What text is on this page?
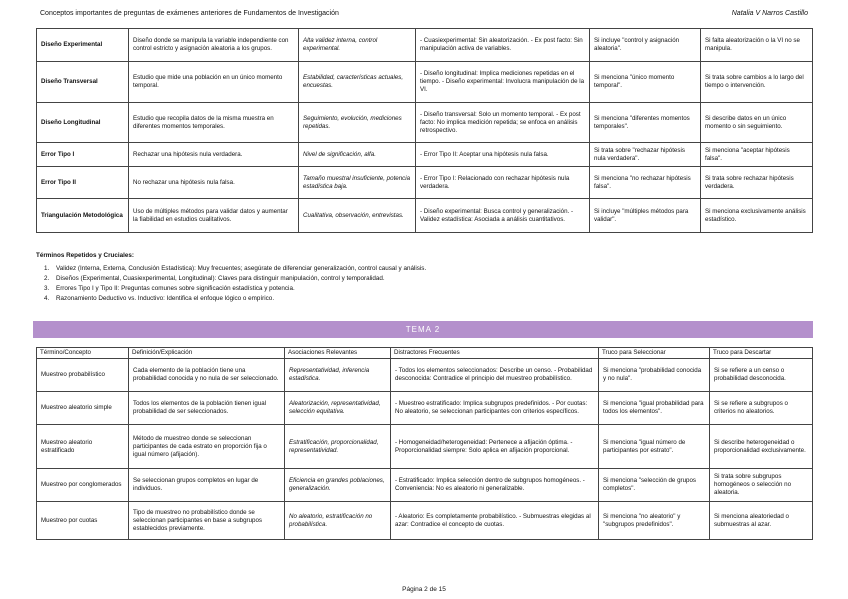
Conceptos importantes de preguntas de exámenes anteriores de Fundamentos de Investigación	Natalia V Narros Castillo
Diseño Experimental	Diseño donde se manipula la variable independiente con control estricto y asignación aleatoria a los grupos.	Alta validez interna, control experimental.	- Cuasiexperimental: Sin aleatorización. - Ex post facto: Sin manipulación activa de variables.	Si incluye "control y asignación aleatoria".	Si falta aleatorización o la VI no se manipula.
Diseño Transversal	Estudio que mide una población en un único momento temporal.	Estabilidad, características actuales, encuestas.	- Diseño longitudinal: Implica mediciones repetidas en el tiempo. - Diseño experimental: Involucra manipulación de la VI.	Si menciona "único momento temporal".	Si trata sobre cambios a lo largo del tiempo o intervención.
Diseño Longitudinal	Estudio que recopila datos de la misma muestra en diferentes momentos temporales.	Seguimiento, evolución, mediciones repetidas.	- Diseño transversal: Solo un momento temporal. - Ex post facto: No implica medición repetida; se enfoca en análisis retrospectivo.	Si menciona "diferentes momentos temporales".	Si describe datos en un único momento o sin seguimiento.
Error Tipo I	Rechazar una hipótesis nula verdadera.	Nivel de significación, alfa.	- Error Tipo II: Aceptar una hipótesis nula falsa.	Si trata sobre "rechazar hipótesis nula verdadera".	Si menciona "aceptar hipótesis falsa".
Error Tipo II	No rechazar una hipótesis nula falsa.	Tamaño muestral insuficiente, potencia estadística baja.	- Error Tipo I: Relacionado con rechazar hipótesis nula verdadera.	Si menciona "no rechazar hipótesis falsa".	Si trata sobre rechazar hipótesis verdadera.
Triangulación Metodológica	Uso de múltiples métodos para validar datos y aumentar la fiabilidad en estudios cualitativos.	Cualitativa, observación, entrevistas.	- Diseño experimental: Busca control y generalización. - Validez estadística: Asociada a análisis cuantitativos.	Si incluye "múltiples métodos para validar".	Si menciona exclusivamente análisis estadístico.
Términos Repetidos y Cruciales:
1. Validez (Interna, Externa, Conclusión Estadística): Muy frecuentes; asegúrate de diferenciar generalización, control causal y análisis.
2. Diseños (Experimental, Cuasiexperimental, Longitudinal): Claves para distinguir manipulación, control y temporalidad.
3. Errores Tipo I y Tipo II: Preguntas comunes sobre significación estadística y potencia.
4. Razonamiento Deductivo vs. Inductivo: Identifica el enfoque lógico o empírico.
TEMA 2
Término/Concepto	Definición/Explicación	Asociaciones Relevantes	Distractores Frecuentes	Truco para Seleccionar	Truco para Descartar
Muestreo probabilístico	Cada elemento de la población tiene una probabilidad conocida y no nula de ser seleccionado.	Representatividad, inferencia estadística.	- Todos los elementos seleccionados: Describe un censo. - Probabilidad desconocida: Contradice el principio del muestreo probabilístico.	Si menciona "probabilidad conocida y no nula".	Si se refiere a un censo o probabilidad desconocida.
Muestreo aleatorio simple	Todos los elementos de la población tienen igual probabilidad de ser seleccionados.	Aleatorización, representatividad, selección equitativa.	- Muestreo estratificado: Implica subgrupos predefinidos. - Por cuotas: No aleatorio, se seleccionan participantes con criterios específicos.	Si menciona "igual probabilidad para todos los elementos".	Si se refiere a subgrupos o criterios no aleatorios.
Muestreo aleatorio estratificado	Método de muestreo donde se seleccionan participantes de cada estrato en proporción fija o igual número (afijación).	Estratificación, proporcionalidad, representatividad.	- Homogeneidad/heterogeneidad: Pertenece a afijación óptima. - Proporcionalidad siempre: Solo aplica en afijación proporcional.	Si menciona "igual número de participantes por estrato".	Si describe heterogeneidad o proporcionalidad exclusivamente.
Muestreo por conglomerados	Se seleccionan grupos completos en lugar de individuos.	Eficiencia en grandes poblaciones, generalización.	- Estratificado: Implica selección dentro de subgrupos homogéneos. - Conveniencia: No es aleatorio ni generalizable.	Si menciona "selección de grupos completos".	Si trata sobre subgrupos homogéneos o selección no aleatoria.
Muestreo por cuotas	Tipo de muestreo no probabilístico donde se seleccionan participantes en base a subgrupos establecidos previamente.	No aleatorio, estratificación no probabilística.	- Aleatorio: Es completamente probabilístico. - Submuestras elegidas al azar: Contradice el concepto de cuotas.	Si menciona "no aleatorio" y "subgrupos predefinidos".	Si menciona aleatoriedad o submuestras al azar.
Página 2 de 15
